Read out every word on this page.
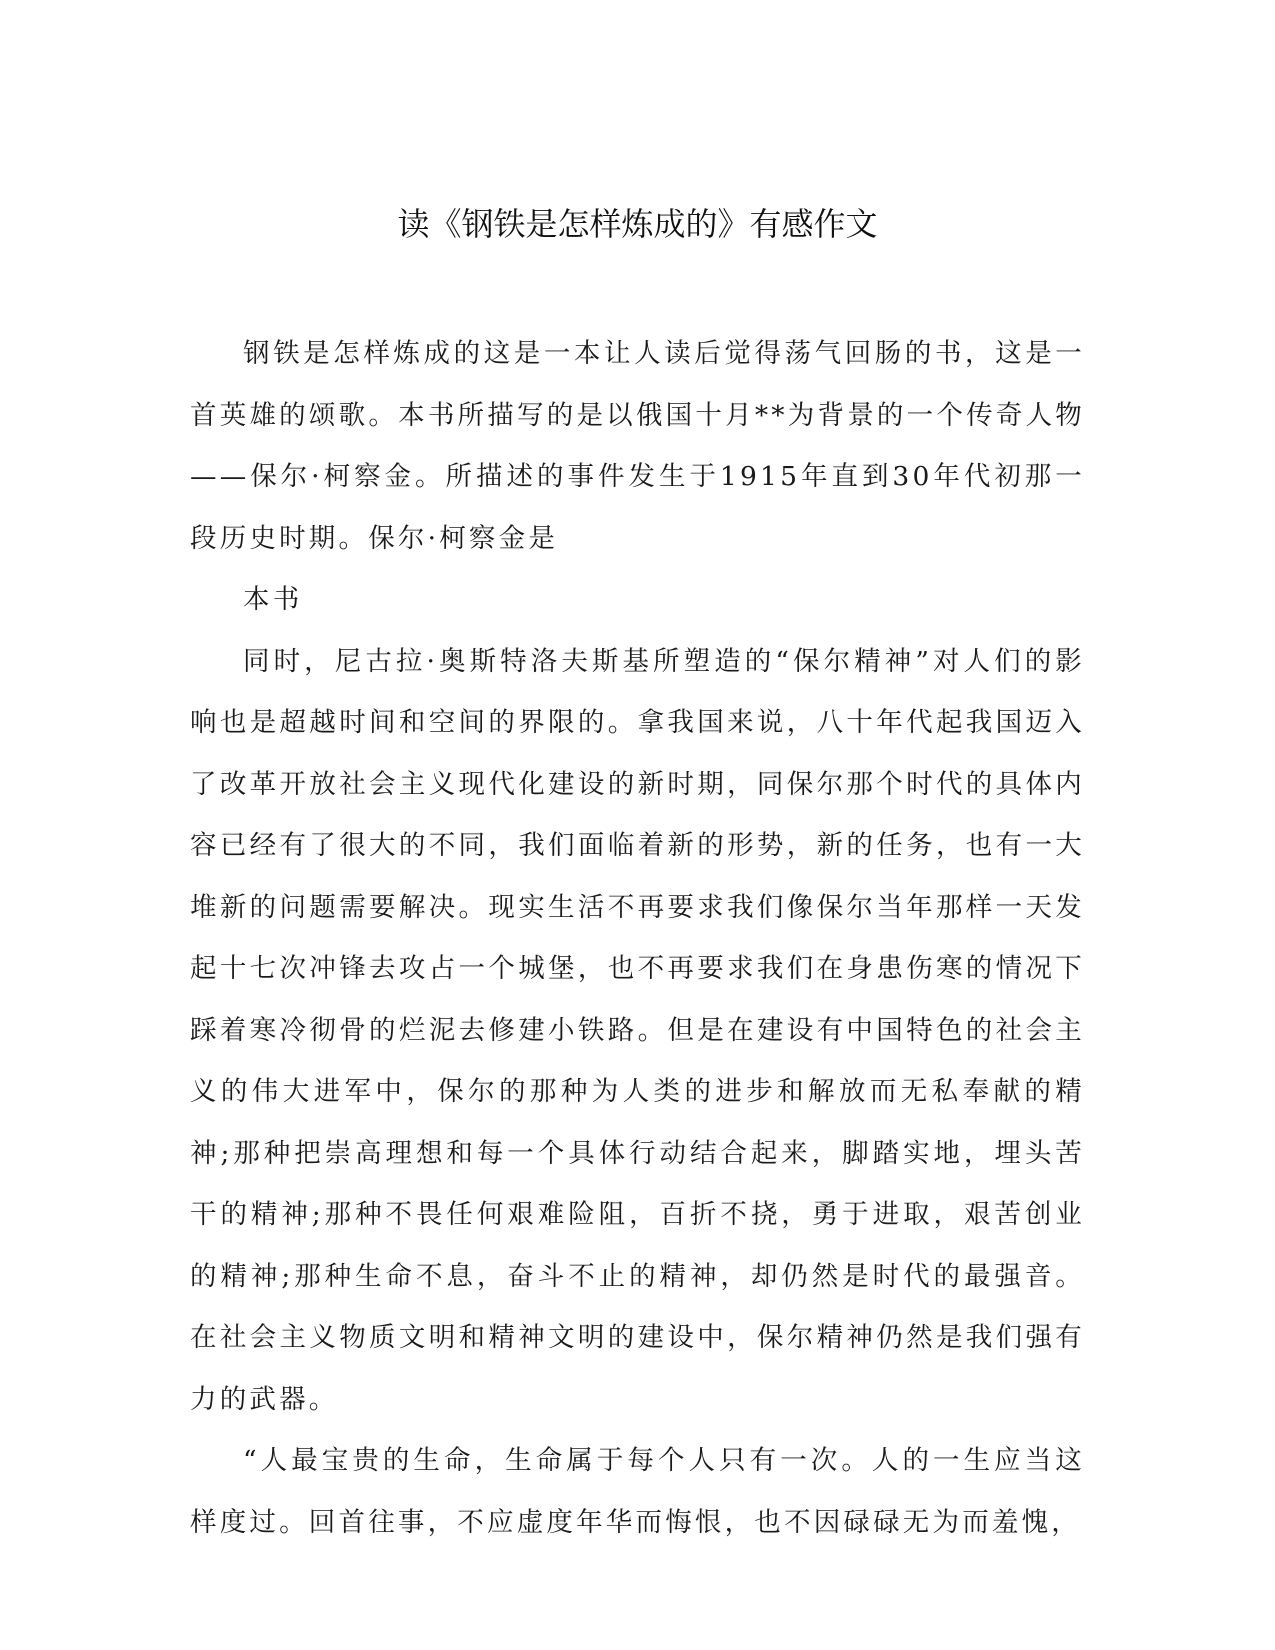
读《钢铁是怎样炼成的》有感作文

钢铁是怎样炼成的这是一本让人读后觉得荡气回肠的书，这是一首英雄的颂歌。本书所描写的是以俄国十月**为背景的一个传奇人物——保尔·柯察金。所描述的事件发生于1915年直到30年代初那一段历史时期。保尔·柯察金是

本书

同时，尼古拉·奥斯特洛夫斯基所塑造的“保尔精神”对人们的影响也是超越时间和空间的界限的。拿我国来说，八十年代起我国迈入了改革开放社会主义现代化建设的新时期，同保尔那个时代的具体内容已经有了很大的不同，我们面临着新的形势，新的任务，也有一大堆新的问题需要解决。现实生活不再要求我们像保尔当年那样一天发起十七次冲锋去攻占一个城堡，也不再要求我们在身患伤寒的情况下踩着寒冷彻骨的烂泥去修建小铁路。但是在建设有中国特色的社会主义的伟大进军中，保尔的那种为人类的进步和解放而无私奉献的精神;那种把崇高理想和每一个具体行动结合起来，脚踏实地，埋头苦干的精神;那种不畏任何艰难险阻，百折不挠，勇于进取，艰苦创业的精神;那种生命不息，奋斗不止的精神，却仍然是时代的最强音。在社会主义物质文明和精神文明的建设中，保尔精神仍然是我们强有力的武器。

“人最宝贵的生命，生命属于每个人只有一次。人的一生应当这样度过。回首往事，不应虚度年华而悔恨，也不因碌碌无为而羞愧，
